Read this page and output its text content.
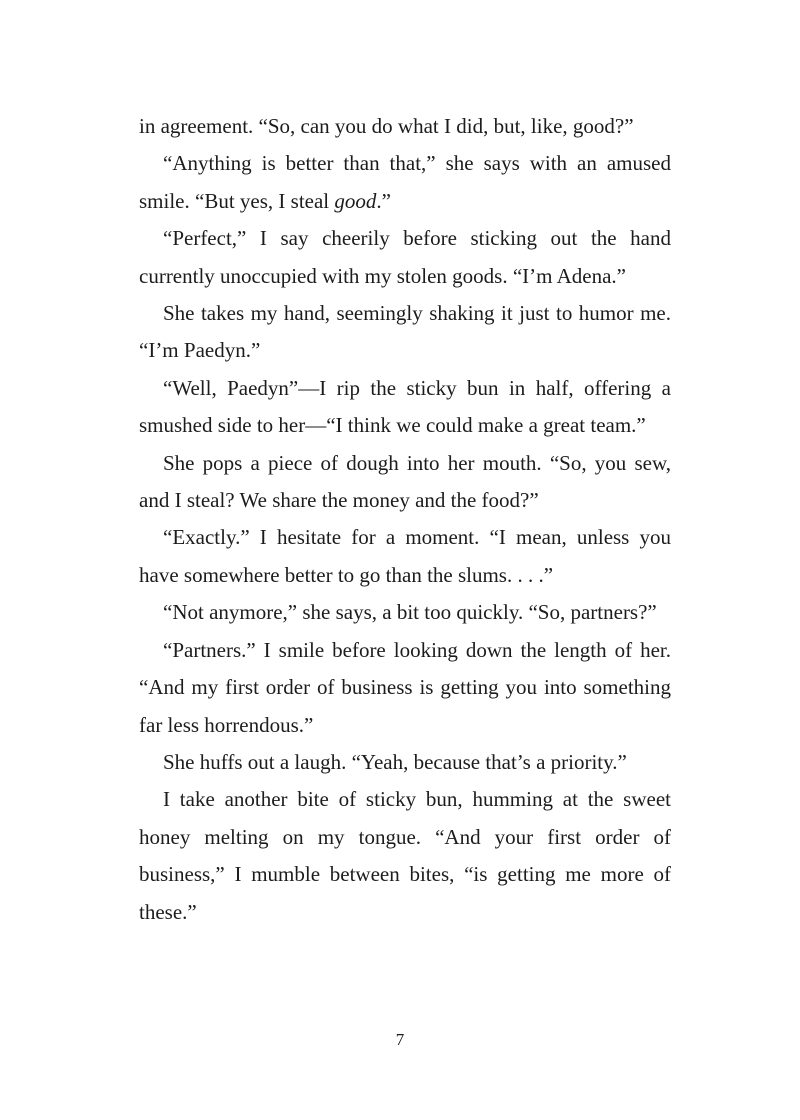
in agreement. “So, can you do what I did, but, like, good?”

“Anything is better than that,” she says with an amused smile. “But yes, I steal good.”

“Perfect,” I say cheerily before sticking out the hand currently unoccupied with my stolen goods. “I’m Adena.”

She takes my hand, seemingly shaking it just to humor me. “I’m Paedyn.”

“Well, Paedyn”—I rip the sticky bun in half, offering a smushed side to her—“I think we could make a great team.”

She pops a piece of dough into her mouth. “So, you sew, and I steal? We share the money and the food?”

“Exactly.” I hesitate for a moment. “I mean, unless you have somewhere better to go than the slums. . . .”

“Not anymore,” she says, a bit too quickly. “So, partners?”

“Partners.” I smile before looking down the length of her. “And my first order of business is getting you into something far less horrendous.”

She huffs out a laugh. “Yeah, because that’s a priority.”

I take another bite of sticky bun, humming at the sweet honey melting on my tongue. “And your first order of business,” I mumble between bites, “is getting me more of these.”

7
